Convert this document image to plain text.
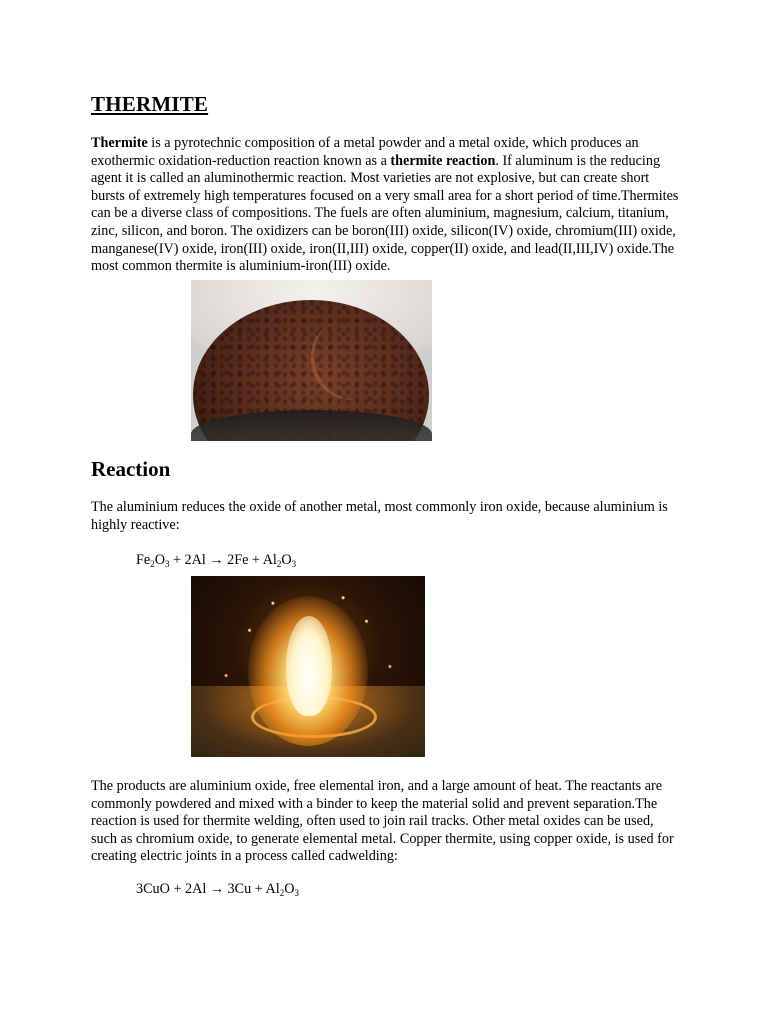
THERMITE

Thermite is a pyrotechnic composition of a metal powder and a metal oxide, which produces an exothermic oxidation-reduction reaction known as a thermite reaction. If aluminum is the reducing agent it is called an aluminothermic reaction. Most varieties are not explosive, but can create short bursts of extremely high temperatures focused on a very small area for a short period of time.Thermites can be a diverse class of compositions. The fuels are often aluminium, magnesium, calcium, titanium, zinc, silicon, and boron. The oxidizers can be boron(III) oxide, silicon(IV) oxide, chromium(III) oxide, manganese(IV) oxide, iron(III) oxide, iron(II,III) oxide, copper(II) oxide, and lead(II,III,IV) oxide.The most common thermite is aluminium-iron(III) oxide.

Reaction

The aluminium reduces the oxide of another metal, most commonly iron oxide, because aluminium is highly reactive:

$Fe_2O_3 + 2Al \to 2Fe + Al_2O_3$

The products are aluminium oxide, free elemental iron, and a large amount of heat. The reactants are commonly powdered and mixed with a binder to keep the material solid and prevent separation.The reaction is used for thermite welding, often used to join rail tracks. Other metal oxides can be used, such as chromium oxide, to generate elemental metal. Copper thermite, using copper oxide, is used for creating electric joints in a process called cadwelding:

$3CuO + 2Al \to 3Cu + Al_2O_3$
